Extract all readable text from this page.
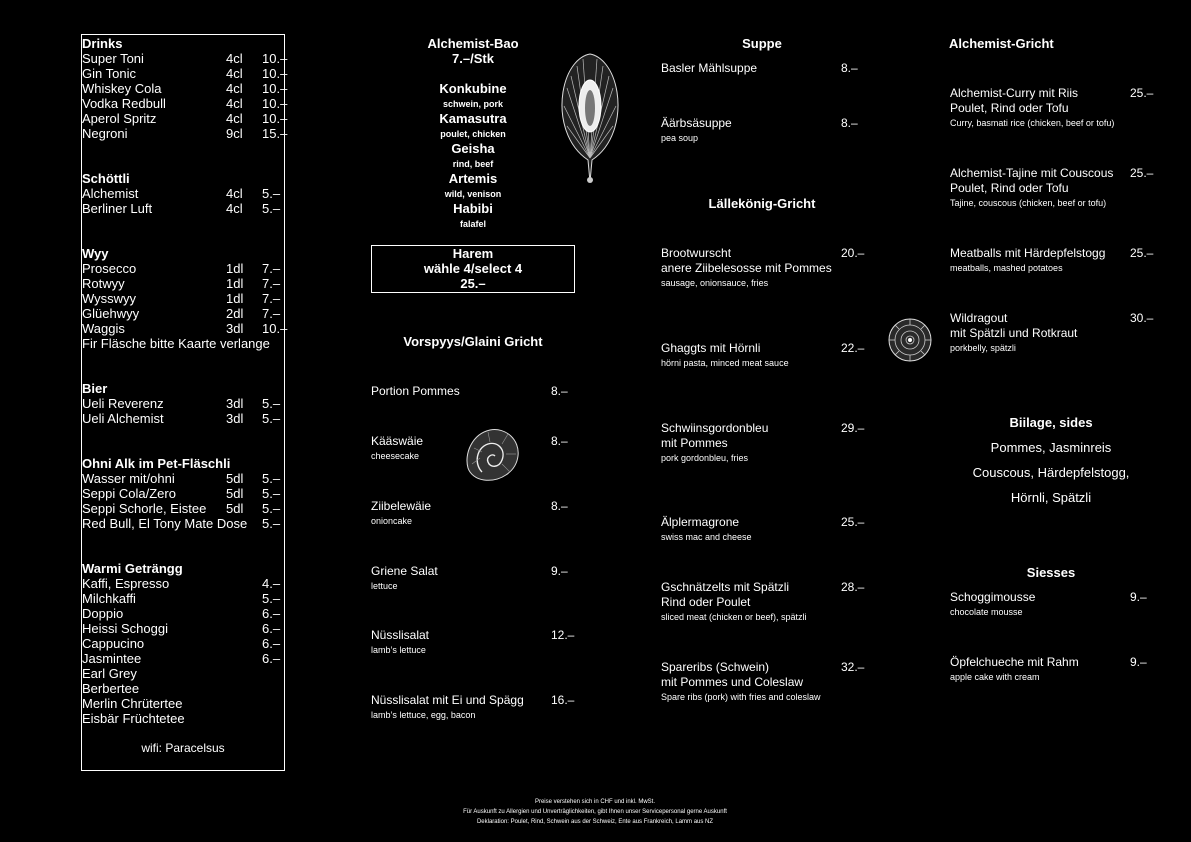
Drinks
Super Toni	4cl 10.–
Gin Tonic	4cl 10.–
Whiskey Cola	4cl 10.–
Vodka Redbull	4cl 10.–
Aperol Spritz	4cl 10.–
Negroni	9cl 15.–
Schöttli
Alchemist	4cl 5.–
Berliner Luft	4cl 5.–
Wyy
Prosecco	1dl 7.–
Rotwyy	1dl 7.–
Wysswyy	1dl 7.–
Glüehwyy	2dl 7.–
Waggis	3dl 10.–
Fir Fläsche bitte Kaarte verlange
Bier
Ueli Reverenz	3dl 5.–
Ueli Alchemist	3dl 5.–
Ohni Alk im Pet-Fläschli
Wasser mit/ohni	5dl 5.–
Seppi Cola/Zero	5dl 5.–
Seppi Schorle, Eistee 5dl 5.–
Red Bull, El Tony Mate Dose 5.–
Warmi Geträngg
Kaffi, Espresso	4.–
Milchkaffi	5.–
Doppio	6.–
Heissi Schoggi	6.–
Cappucino	6.–
Jasmintee	6.–
Earl Grey
Berbertee
Merlin Chrütertee
Eisbär Früchtetee
wifi: Paracelsus
Alchemist-Bao
7.–/Stk
Konkubine
schwein, pork
Kamasutra
poulet, chicken
Geisha
rind, beef
Artemis
wild, venison
Habibi
falafel
Harem
wähle 4/select 4
25.–
Vorspyys/Glaini Gricht
Portion Pommes	8.–
Kääswäie	8.–
cheesecake
Ziibelewäie	8.–
onioncake
Griene Salat	9.–
lettuce
Nüsslisalat	12.–
lamb’s lettuce
Nüsslisalat mit Ei und Spägg 16.–
lamb’s lettuce, egg, bacon
Suppe
Basler Mählsuppe	8.–
Äärbsäsuppe	8.–
pea soup
Lällekönig-Gricht
Brootwurscht	20.–
anere Ziibelesosse mit Pommes
sausage, onionsauce, fries
Ghaggts mit Hörnli	22.–
hörni pasta, minced meat sauce
Schwiinsgordonbleu	29.–
mit Pommes
pork gordonbleu, fries
Älplermagrone	25.–
swiss mac and cheese
Gschnätzelts mit Spätzli	28.–
Rind oder Poulet
sliced meat (chicken or beef), spätzli
Spareribs (Schwein)	32.–
mit Pommes und Coleslaw
Spare ribs (pork) with fries and coleslaw
Alchemist-Gricht
Alchemist-Curry mit Riis	25.–
Poulet, Rind oder Tofu
Curry, basmati rice (chicken, beef or tofu)
Alchemist-Tajine mit Couscous 25.–
Poulet, Rind oder Tofu
Tajine, couscous (chicken, beef or tofu)
Meatballs mit Härdepfelstogg 25.–
meatballs, mashed potatoes
Wildragout	30.–
mit Spätzli und Rotkraut
porkbelly, spätzli
Biilage, sides
Pommes, Jasminreis
Couscous, Härdepfelstogg,
Hörnli, Spätzli
Siesses
Schoggimousse	9.–
chocolate mousse
Öpfelchueche mit Rahm	9.–
apple cake with cream
Preise verstehen sich in CHF und inkl. MwSt.
Für Auskunft zu Allergien und Unverträglichkeiten, gibt Ihnen unser Servicepersonal gerne Auskunft
Deklaration: Poulet, Rind, Schwein aus der Schweiz, Ente aus Frankreich, Lamm aus NZ
